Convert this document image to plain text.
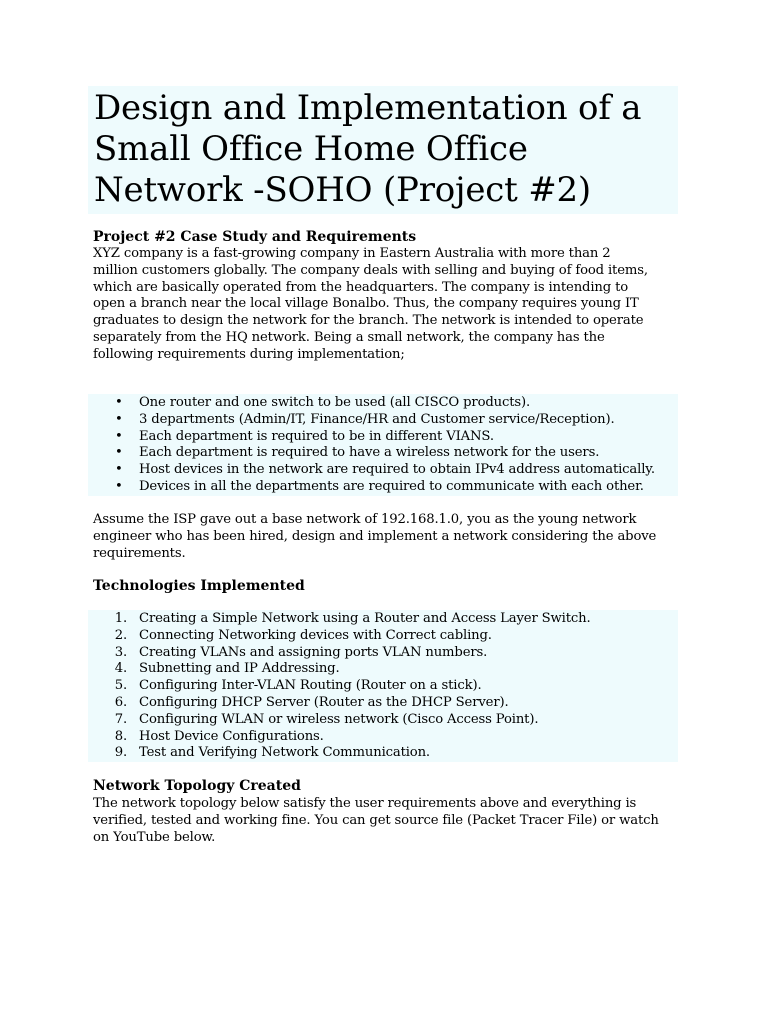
Design and Implementation of a Small Office Home Office Network -SOHO (Project #2)
Project #2 Case Study and Requirements
XYZ company is a fast-growing company in Eastern Australia with more than 2
million customers globally. The company deals with selling and buying of food items,
which are basically operated from the headquarters. The company is intending to
open a branch near the local village Bonalbo. Thus, the company requires young IT
graduates to design the network for the branch. The network is intended to operate
separately from the HQ network. Being a small network, the company has the
following requirements during implementation;
• One router and one switch to be used (all CISCO products).
• 3 departments (Admin/IT, Finance/HR and Customer service/Reception).
• Each department is required to be in different VIANS.
• Each department is required to have a wireless network for the users.
• Host devices in the network are required to obtain IPv4 address automatically.
• Devices in all the departments are required to communicate with each other.
Assume the ISP gave out a base network of 192.168.1.0, you as the young network
engineer who has been hired, design and implement a network considering the above
requirements.
Technologies Implemented
1. Creating a Simple Network using a Router and Access Layer Switch.
2. Connecting Networking devices with Correct cabling.
3. Creating VLANs and assigning ports VLAN numbers.
4. Subnetting and IP Addressing.
5. Configuring Inter-VLAN Routing (Router on a stick).
6. Configuring DHCP Server (Router as the DHCP Server).
7. Configuring WLAN or wireless network (Cisco Access Point).
8. Host Device Configurations.
9. Test and Verifying Network Communication.
Network Topology Created
The network topology below satisfy the user requirements above and everything is
verified, tested and working fine. You can get source file (Packet Tracer File) or watch
on YouTube below.
